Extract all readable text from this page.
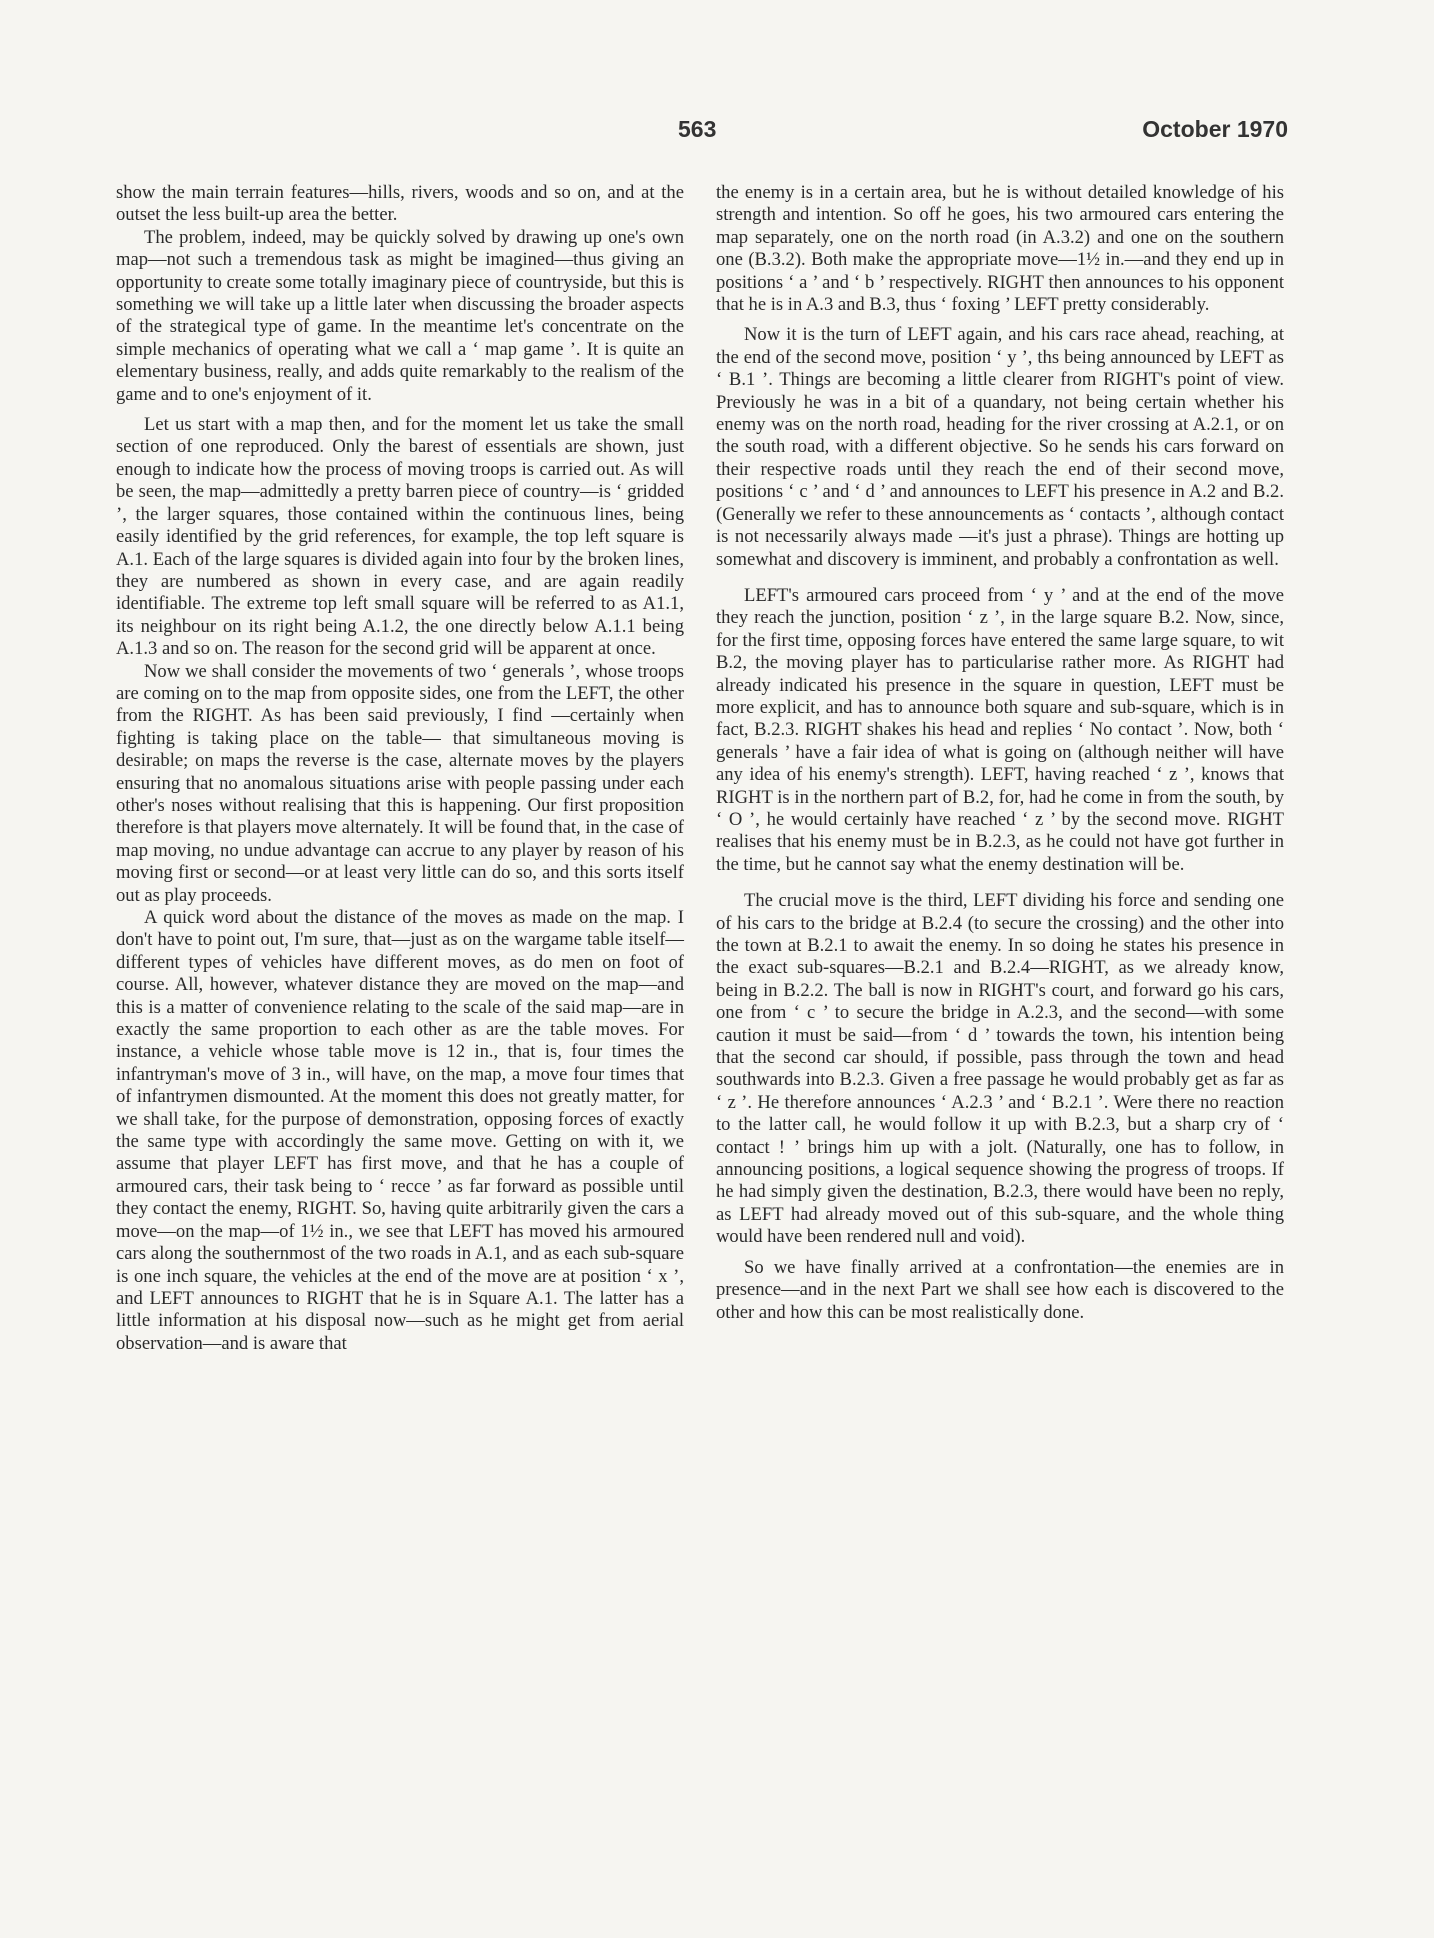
563	October 1970

show the main terrain features—hills, rivers, woods and so on, and at the outset the less built-up area the better.

The problem, indeed, may be quickly solved by drawing up one's own map—not such a tremendous task as might be imagined—thus giving an opportunity to create some totally imaginary piece of countryside, but this is something we will take up a little later when discussing the broader aspects of the strategical type of game. In the meantime let's concentrate on the simple mechanics of operating what we call a ‘ map game ’. It is quite an elementary business, really, and adds quite remarkably to the realism of the game and to one's enjoyment of it.

Let us start with a map then, and for the moment let us take the small section of one reproduced. Only the barest of essentials are shown, just enough to indicate how the process of moving troops is carried out. As will be seen, the map—admittedly a pretty barren piece of country—is ‘ gridded ’, the larger squares, those contained within the continuous lines, being easily identified by the grid references, for example, the top left square is A.1. Each of the large squares is divided again into four by the broken lines, they are numbered as shown in every case, and are again readily identifiable. The extreme top left small square will be referred to as A1.1, its neighbour on its right being A.1.2, the one directly below A.1.1 being A.1.3 and so on. The reason for the second grid will be apparent at once.

Now we shall consider the movements of two ‘ generals ’, whose troops are coming on to the map from opposite sides, one from the LEFT, the other from the RIGHT. As has been said previously, I find —certainly when fighting is taking place on the table— that simultaneous moving is desirable; on maps the reverse is the case, alternate moves by the players ensuring that no anomalous situations arise with people passing under each other's noses without realising that this is happening. Our first proposition therefore is that players move alternately. It will be found that, in the case of map moving, no undue advantage can accrue to any player by reason of his moving first or second—or at least very little can do so, and this sorts itself out as play proceeds.

A quick word about the distance of the moves as made on the map. I don't have to point out, I'm sure, that—just as on the wargame table itself—different types of vehicles have different moves, as do men on foot of course. All, however, whatever distance they are moved on the map—and this is a matter of convenience relating to the scale of the said map—are in exactly the same proportion to each other as are the table moves. For instance, a vehicle whose table move is 12 in., that is, four times the infantryman's move of 3 in., will have, on the map, a move four times that of infantrymen dismounted. At the moment this does not greatly matter, for we shall take, for the purpose of demonstration, opposing forces of exactly the same type with accordingly the same move. Getting on with it, we assume that player LEFT has first move, and that he has a couple of armoured cars, their task being to ‘ recce ’ as far forward as possible until they contact the enemy, RIGHT. So, having quite arbitrarily given the cars a move—on the map—of 1½ in., we see that LEFT has moved his armoured cars along the southernmost of the two roads in A.1, and as each sub-square is one inch square, the vehicles at the end of the move are at position ‘ x ’, and LEFT announces to RIGHT that he is in Square A.1. The latter has a little information at his disposal now—such as he might get from aerial observation—and is aware that

the enemy is in a certain area, but he is without detailed knowledge of his strength and intention. So off he goes, his two armoured cars entering the map separately, one on the north road (in A.3.2) and one on the southern one (B.3.2). Both make the appropriate move—1½ in.—and they end up in positions ‘ a ’ and ‘ b ’ respectively. RIGHT then announces to his opponent that he is in A.3 and B.3, thus ‘ foxing ’ LEFT pretty considerably.

Now it is the turn of LEFT again, and his cars race ahead, reaching, at the end of the second move, position ‘ y ’, ths being announced by LEFT as ‘ B.1 ’. Things are becoming a little clearer from RIGHT's point of view. Previously he was in a bit of a quandary, not being certain whether his enemy was on the north road, heading for the river crossing at A.2.1, or on the south road, with a different objective. So he sends his cars forward on their respective roads until they reach the end of their second move, positions ‘ c ’ and ‘ d ’ and announces to LEFT his presence in A.2 and B.2. (Generally we refer to these announcements as ‘ contacts ’, although contact is not necessarily always made —it's just a phrase). Things are hotting up somewhat and discovery is imminent, and probably a confrontation as well.

LEFT's armoured cars proceed from ‘ y ’ and at the end of the move they reach the junction, position ‘ z ’, in the large square B.2. Now, since, for the first time, opposing forces have entered the same large square, to wit B.2, the moving player has to particularise rather more. As RIGHT had already indicated his presence in the square in question, LEFT must be more explicit, and has to announce both square and sub-square, which is in fact, B.2.3. RIGHT shakes his head and replies ‘ No contact ’. Now, both ‘ generals ’ have a fair idea of what is going on (although neither will have any idea of his enemy's strength). LEFT, having reached ‘ z ’, knows that RIGHT is in the northern part of B.2, for, had he come in from the south, by ‘ O ’, he would certainly have reached ‘ z ’ by the second move. RIGHT realises that his enemy must be in B.2.3, as he could not have got further in the time, but he cannot say what the enemy destination will be.

The crucial move is the third, LEFT dividing his force and sending one of his cars to the bridge at B.2.4 (to secure the crossing) and the other into the town at B.2.1 to await the enemy. In so doing he states his presence in the exact sub-squares—B.2.1 and B.2.4—RIGHT, as we already know, being in B.2.2. The ball is now in RIGHT's court, and forward go his cars, one from ‘ c ’ to secure the bridge in A.2.3, and the second—with some caution it must be said—from ‘ d ’ towards the town, his intention being that the second car should, if possible, pass through the town and head southwards into B.2.3. Given a free passage he would probably get as far as ‘ z ’. He therefore announces ‘ A.2.3 ’ and ‘ B.2.1 ’. Were there no reaction to the latter call, he would follow it up with B.2.3, but a sharp cry of ‘ contact ! ’ brings him up with a jolt. (Naturally, one has to follow, in announcing positions, a logical sequence showing the progress of troops. If he had simply given the destination, B.2.3, there would have been no reply, as LEFT had already moved out of this sub-square, and the whole thing would have been rendered null and void).

So we have finally arrived at a confrontation—the enemies are in presence—and in the next Part we shall see how each is discovered to the other and how this can be most realistically done.
